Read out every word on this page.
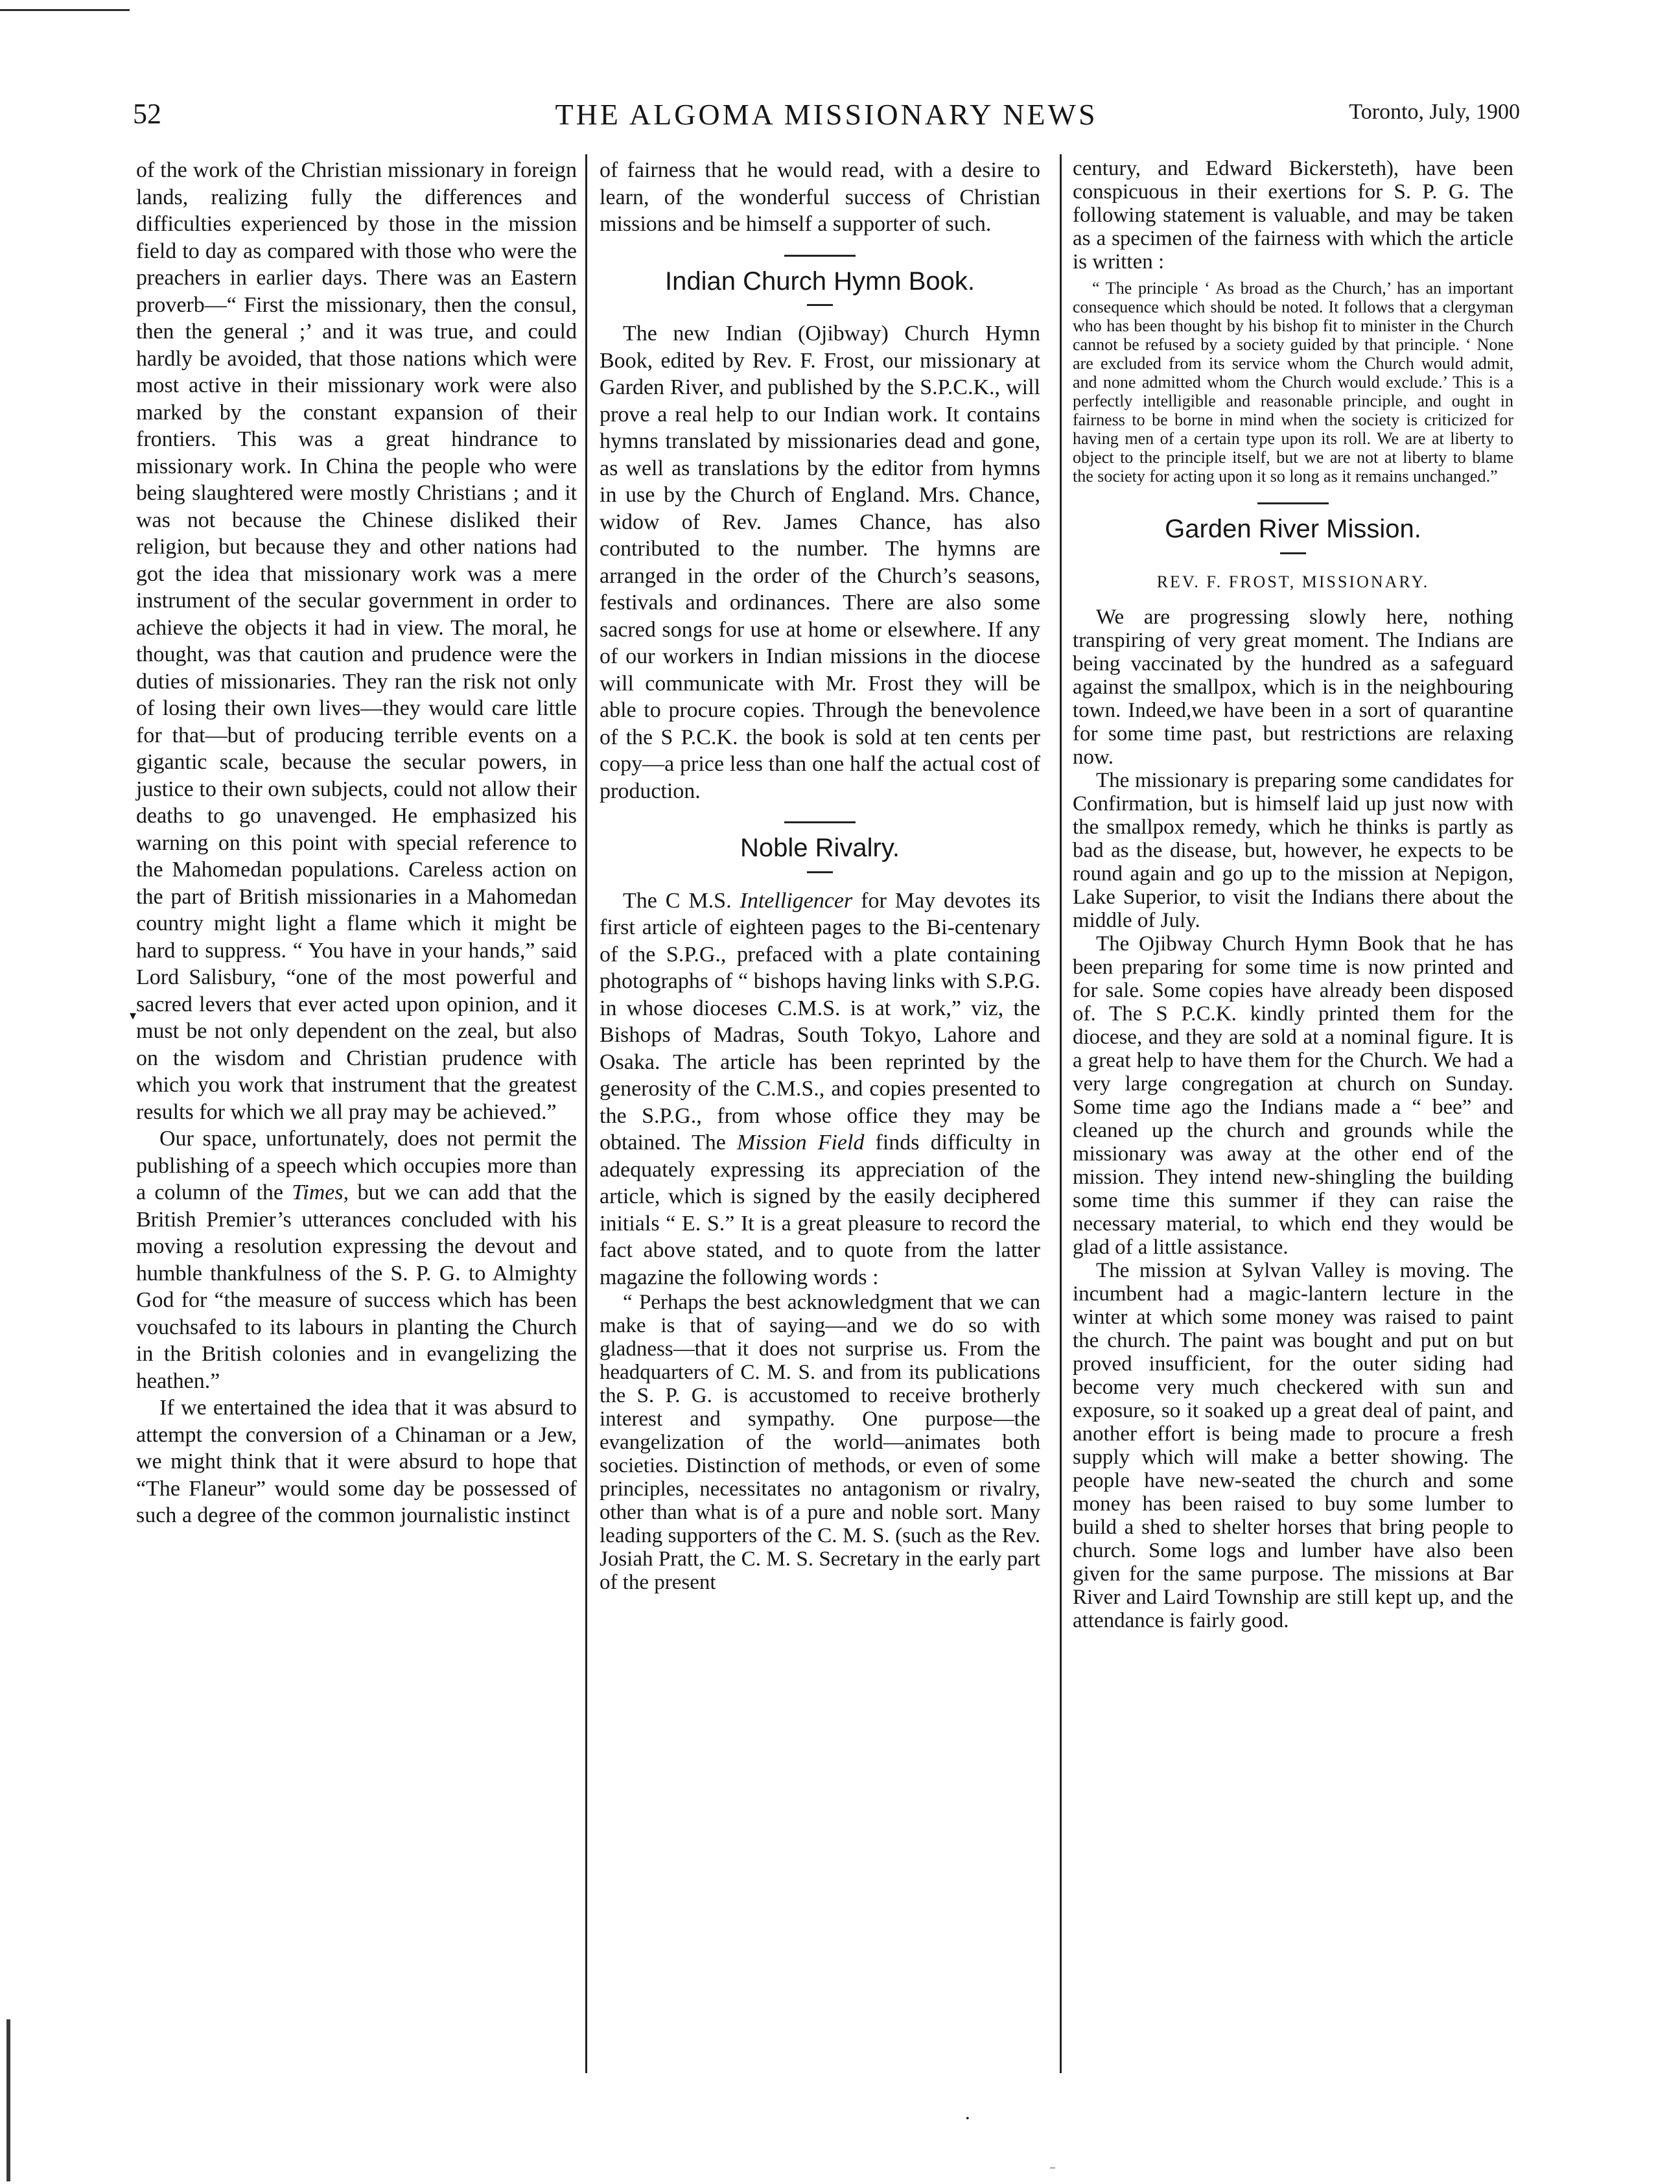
52	THE ALGOMA MISSIONARY NEWS	Toronto, July, 1900
▾

of the work of the Christian missionary in foreign lands, realizing fully the differences and difficulties experienced by those in the mission field to day as compared with those who were the preachers in earlier days. There was an Eastern proverb—“ First the missionary, then the consul, then the general ;’ and it was true, and could hardly be avoided, that those nations which were most active in their missionary work were also marked by the constant expansion of their frontiers. This was a great hindrance to missionary work. In China the people who were being slaughtered were mostly Christians ; and it was not because the Chinese disliked their religion, but because they and other nations had got the idea that missionary work was a mere instrument of the secular government in order to achieve the objects it had in view. The moral, he thought, was that caution and prudence were the duties of missionaries. They ran the risk not only of losing their own lives—they would care little for that—but of producing terrible events on a gigantic scale, because the secular powers, in justice to their own subjects, could not allow their deaths to go unavenged. He emphasized his warning on this point with special reference to the Mahomedan populations. Careless action on the part of British missionaries in a Mahomedan country might light a flame which it might be hard to suppress. “ You have in your hands,” said Lord Salisbury, “one of the most powerful and sacred levers that ever acted upon opinion, and it must be not only dependent on the zeal, but also on the wisdom and Christian prudence with which you work that instrument that the greatest results for which we all pray may be achieved.”

Our space, unfortunately, does not permit the publishing of a speech which occupies more than a column of the Times, but we can add that the British Premier’s utterances concluded with his moving a resolution expressing the devout and humble thankfulness of the S. P. G. to Almighty God for “the measure of success which has been vouchsafed to its labours in planting the Church in the British colonies and in evangelizing the heathen.”

If we entertained the idea that it was absurd to attempt the conversion of a Chinaman or a Jew, we might think that it were absurd to hope that “The Flaneur” would some day be possessed of such a degree of the common journalistic instinct

of fairness that he would read, with a desire to learn, of the wonderful success of Christian missions and be himself a supporter of such.

Indian Church Hymn Book.

The new Indian (Ojibway) Church Hymn Book, edited by Rev. F. Frost, our missionary at Garden River, and published by the S.P.C.K., will prove a real help to our Indian work. It contains hymns translated by missionaries dead and gone, as well as translations by the editor from hymns in use by the Church of England. Mrs. Chance, widow of Rev. James Chance, has also contributed to the number. The hymns are arranged in the order of the Church’s seasons, festivals and ordinances. There are also some sacred songs for use at home or elsewhere. If any of our workers in Indian missions in the diocese will communicate with Mr. Frost they will be able to procure copies. Through the benevolence of the S P.C.K. the book is sold at ten cents per copy—a price less than one half the actual cost of production.

Noble Rivalry.

The C M.S. Intelligencer for May devotes its first article of eighteen pages to the Bi-centenary of the S.P.G., prefaced with a plate containing photographs of “ bishops having links with S.P.G. in whose dioceses C.M.S. is at work,” viz, the Bishops of Madras, South Tokyo, Lahore and Osaka. The article has been reprinted by the generosity of the C.M.S., and copies presented to the S.P.G., from whose office they may be obtained. The Mission Field finds difficulty in adequately expressing its appreciation of the article, which is signed by the easily deciphered initials “ E. S.” It is a great pleasure to record the fact above stated, and to quote from the latter magazine the following words :

“ Perhaps the best acknowledgment that we can make is that of saying—and we do so with gladness—that it does not surprise us. From the headquarters of C. M. S. and from its publications the S. P. G. is accustomed to receive brotherly interest and sympathy. One purpose—the evangelization of the world—animates both societies. Distinction of methods, or even of some principles, necessitates no antagonism or rivalry, other than what is of a pure and noble sort. Many leading supporters of the C. M. S. (such as the Rev. Josiah Pratt, the C. M. S. Secretary in the early part of the present

century, and Edward Bickersteth), have been conspicuous in their exertions for S. P. G. The following statement is valuable, and may be taken as a specimen of the fairness with which the article is written :

“ The principle ‘ As broad as the Church,’ has an important consequence which should be noted. It follows that a clergyman who has been thought by his bishop fit to minister in the Church cannot be refused by a society guided by that principle. ‘ None are excluded from its service whom the Church would admit, and none admitted whom the Church would exclude.’ This is a perfectly intelligible and reasonable principle, and ought in fairness to be borne in mind when the society is criticized for having men of a certain type upon its roll. We are at liberty to object to the principle itself, but we are not at liberty to blame the society for acting upon it so long as it remains unchanged.”

Garden River Mission.
REV. F. FROST, MISSIONARY.

We are progressing slowly here, nothing transpiring of very great moment. The Indians are being vaccinated by the hundred as a safeguard against the smallpox, which is in the neighbouring town. Indeed,we have been in a sort of quarantine for some time past, but restrictions are relaxing now.

The missionary is preparing some candidates for Confirmation, but is himself laid up just now with the smallpox remedy, which he thinks is partly as bad as the disease, but, however, he expects to be round again and go up to the mission at Nepigon, Lake Superior, to visit the Indians there about the middle of July.

The Ojibway Church Hymn Book that he has been preparing for some time is now printed and for sale. Some copies have already been disposed of. The S P.C.K. kindly printed them for the diocese, and they are sold at a nominal figure. It is a great help to have them for the Church. We had a very large congregation at church on Sunday. Some time ago the Indians made a “ bee” and cleaned up the church and grounds while the missionary was away at the other end of the mission. They intend new-shingling the building some time this summer if they can raise the necessary material, to which end they would be glad of a little assistance.

The mission at Sylvan Valley is moving. The incumbent had a magic-lantern lecture in the winter at which some money was raised to paint the church. The paint was bought and put on but proved insufficient, for the outer siding had become very much checkered with sun and exposure, so it soaked up a great deal of paint, and another effort is being made to procure a fresh supply which will make a better showing. The people have new-seated the church and some money has been raised to buy some lumber to build a shed to shelter horses that bring people to church. Some logs and lumber have also been given for the same purpose. The missions at Bar River and Laird Township are still kept up, and the attendance is fairly good.

•
–
